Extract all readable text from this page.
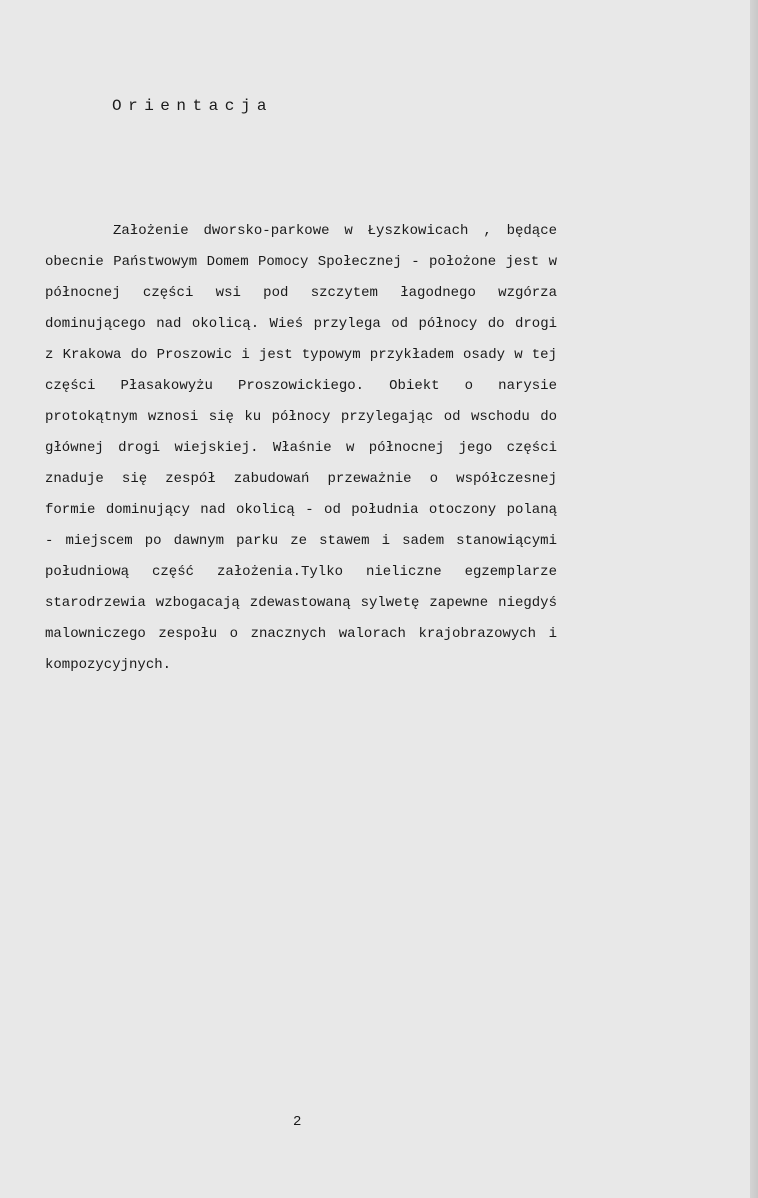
Orientacja
Założenie dworsko-parkowe w Łyszkowicach , będące
obecnie Państwowym Domem Pomocy Społecznej - położone jest w
północnej części wsi pod szczytem łagodnego wzgórza
dominującego nad okolicą. Wieś przylega od północy do drogi
z Krakowa do Proszowic i jest typowym przykładem osady w tej
części Płasakowyżu Proszowickiego. Obiekt o narysie
protokątnym wznosi się ku północy przylegając od wschodu do
głównej drogi wiejskiej. Właśnie w północnej jego części
znaduje się zespół zabudowań przeważnie o współczesnej
formie dominujący nad okolicą - od południa otoczony polaną
- miejscem po dawnym parku ze stawem i sadem stanowiącymi
południową część założenia.Tylko nieliczne egzemplarze
starodrzewia wzbogacają zdewastowaną sylwetę zapewne niegdyś
malowniczego zespołu o znacznych walorach krajobrazowych i
kompozycyjnych.
2
